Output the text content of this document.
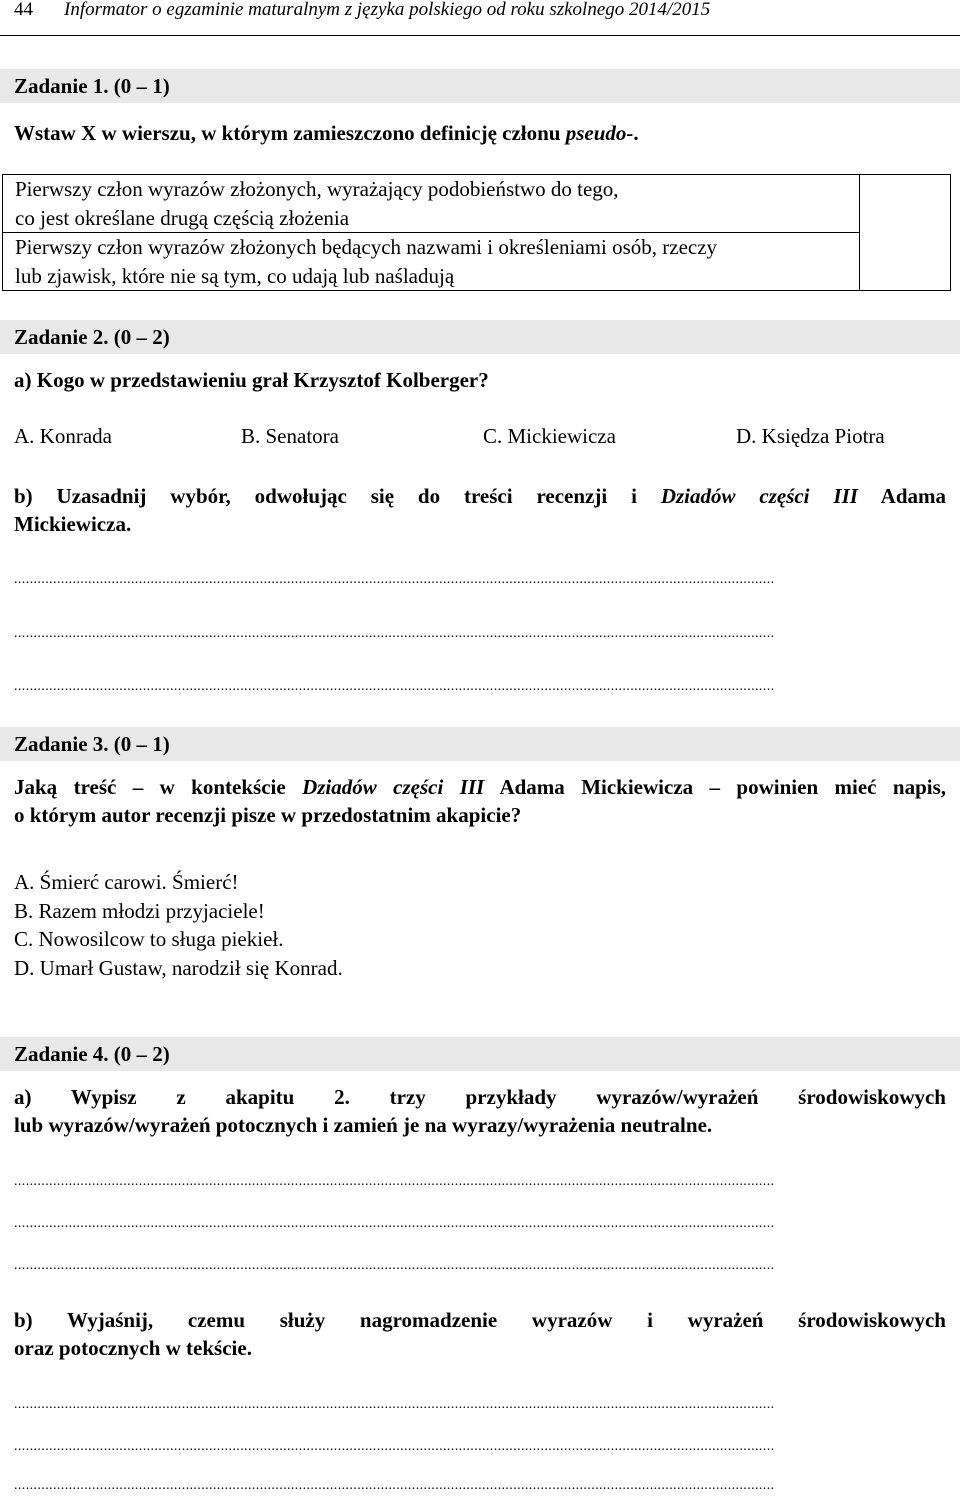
44 Informator o egzaminie maturalnym z języka polskiego od roku szkolnego 2014/2015
Zadanie 1. (0 – 1)
Wstaw X w wierszu, w którym zamieszczono definicję członu pseudo-.
Pierwszy człon wyrazów złożonych, wyrażający podobieństwo do tego,
co jest określane drugą częścią złożenia

Pierwszy człon wyrazów złożonych będących nazwami i określeniami osób, rzeczy
lub zjawisk, które nie są tym, co udają lub naśladują
Zadanie 2. (0 – 2)
a) Kogo w przedstawieniu grał Krzysztof Kolberger?
A. Konrada	B. Senatora	C. Mickiewicza	D. Księdza Piotra
b) Uzasadnij wybór, odwołując się do treści recenzji i Dziadów części III Adama
Mickiewicza.
...................................................................................................................................................................................................
...................................................................................................................................................................................................
...................................................................................................................................................................................................
Zadanie 3. (0 – 1)
Jaką treść – w kontekście Dziadów części III Adama Mickiewicza – powinien mieć napis,
o którym autor recenzji pisze w przedostatnim akapicie?
A. Śmierć carowi. Śmierć!
B. Razem młodzi przyjaciele!
C. Nowosilcow to sługa piekieł.
D. Umarł Gustaw, narodził się Konrad.
Zadanie 4. (0 – 2)
a) Wypisz z akapitu 2. trzy przykłady wyrazów/wyrażeń środowiskowych
lub wyrazów/wyrażeń potocznych i zamień je na wyrazy/wyrażenia neutralne.
...................................................................................................................................................................................................
...................................................................................................................................................................................................
...................................................................................................................................................................................................
b) Wyjaśnij, czemu służy nagromadzenie wyrazów i wyrażeń środowiskowych
oraz potocznych w tekście.
...................................................................................................................................................................................................
...................................................................................................................................................................................................
...................................................................................................................................................................................................
